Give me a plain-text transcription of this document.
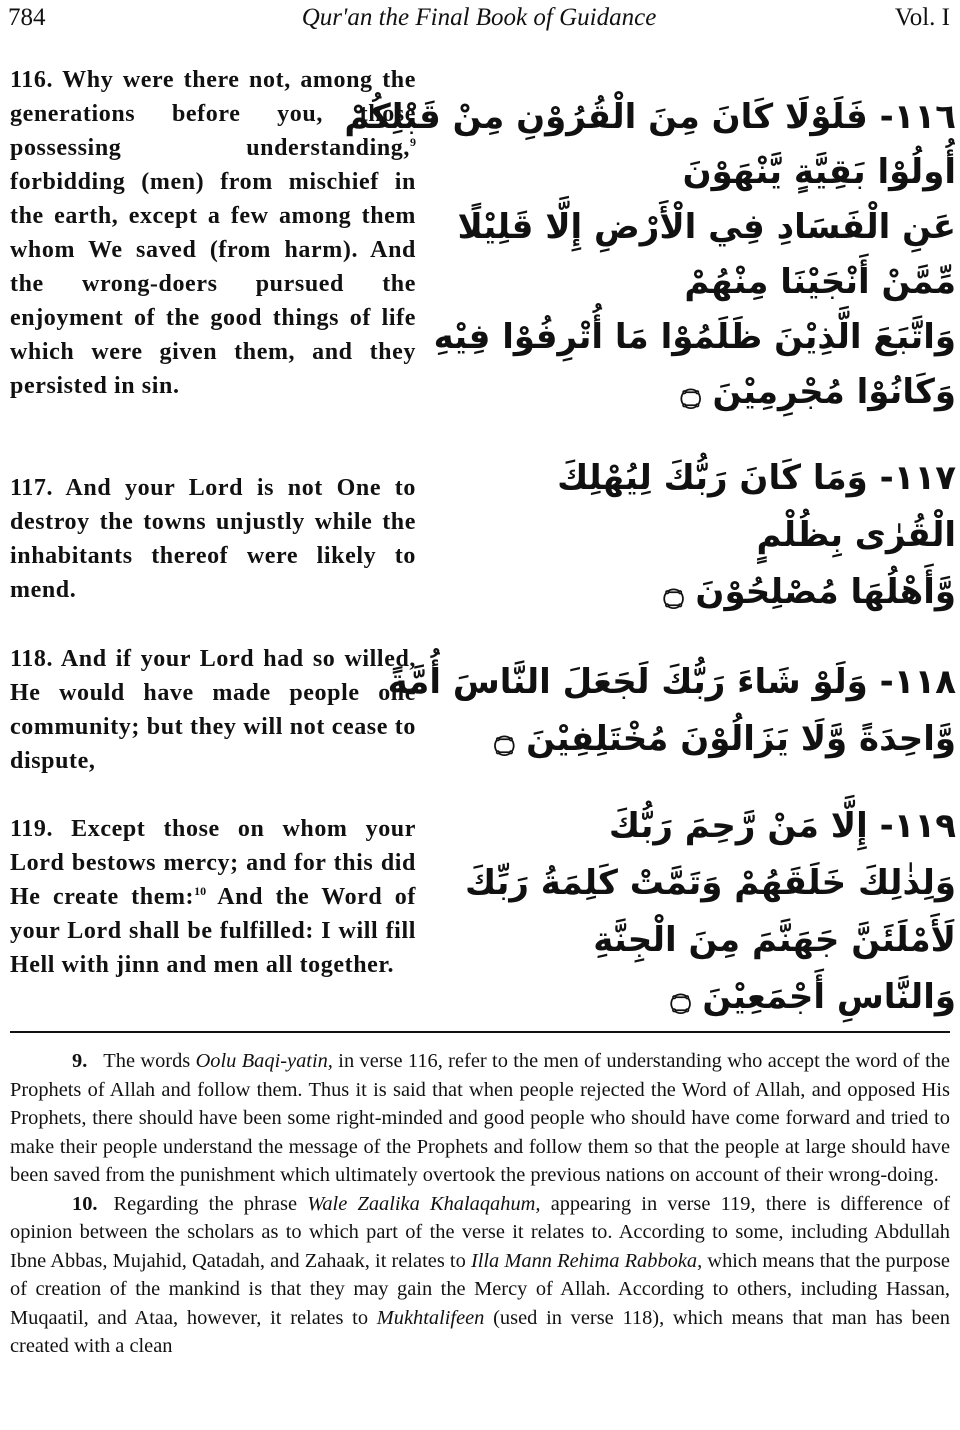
784	Qur'an the Final Book of Guidance	Vol. I
116. Why were there not, among the generations before you, those possessing understanding,$^9$ forbidding (men) from mischief in the earth, except a few among them whom We saved (from harm). And the wrong-doers pursued the enjoyment of the good things of life which were given them, and they persisted in sin.
١١٦- فَلَوْلَا كَانَ مِنَ الْقُرُوْنِ مِنْ قَبْلِكُمْ
أُولُوْا بَقِيَّةٍ يَّنْهَوْنَ
عَنِ الْفَسَادِ فِي الْأَرْضِ إِلَّا قَلِيْلًا
مِّمَّنْ أَنْجَيْنَا مِنْهُمْ
وَاتَّبَعَ الَّذِيْنَ ظَلَمُوْا مَا أُتْرِفُوْا فِيْهِ
وَكَانُوْا مُجْرِمِيْنَ ۝
117. And your Lord is not One to destroy the towns unjustly while the inhabitants thereof were likely to mend.
١١٧- وَمَا كَانَ رَبُّكَ لِيُهْلِكَ
الْقُرٰى بِظُلْمٍ
وَّأَهْلُهَا مُصْلِحُوْنَ ۝
118. And if your Lord had so willed, He would have made people one community; but they will not cease to dispute,
١١٨- وَلَوْ شَاءَ رَبُّكَ لَجَعَلَ النَّاسَ أُمَّةً
وَّاحِدَةً وَّلَا يَزَالُوْنَ مُخْتَلِفِيْنَ ۝
119. Except those on whom your Lord bestows mercy; and for this did He create them:$^{10}$ And the Word of your Lord shall be fulfilled: I will fill Hell with jinn and men all together.
١١٩- إِلَّا مَنْ رَّحِمَ رَبُّكَ
وَلِذٰلِكَ خَلَقَهُمْ وَتَمَّتْ كَلِمَةُ رَبِّكَ
لَأَمْلَئَنَّ جَهَنَّمَ مِنَ الْجِنَّةِ
وَالنَّاسِ أَجْمَعِيْنَ ۝

9. The words Oolu Baqi-yatin, in verse 116, refer to the men of understanding who accept the word of the Prophets of Allah and follow them. Thus it is said that when people rejected the Word of Allah, and opposed His Prophets, there should have been some right-minded and good people who should have come forward and tried to make their people understand the message of the Prophets and follow them so that the people at large should have been saved from the punishment which ultimately overtook the previous nations on account of their wrong-doing.

10. Regarding the phrase Wale Zaalika Khalaqahum, appearing in verse 119, there is difference of opinion between the scholars as to which part of the verse it relates to. According to some, including Abdullah Ibne Abbas, Mujahid, Qatadah, and Zahaak, it relates to Illa Mann Rehima Rabboka, which means that the purpose of creation of the mankind is that they may gain the Mercy of Allah. According to others, including Hassan, Muqaatil, and Ataa, however, it relates to Mukhtalifeen (used in verse 118), which means that man has been created with a clean
